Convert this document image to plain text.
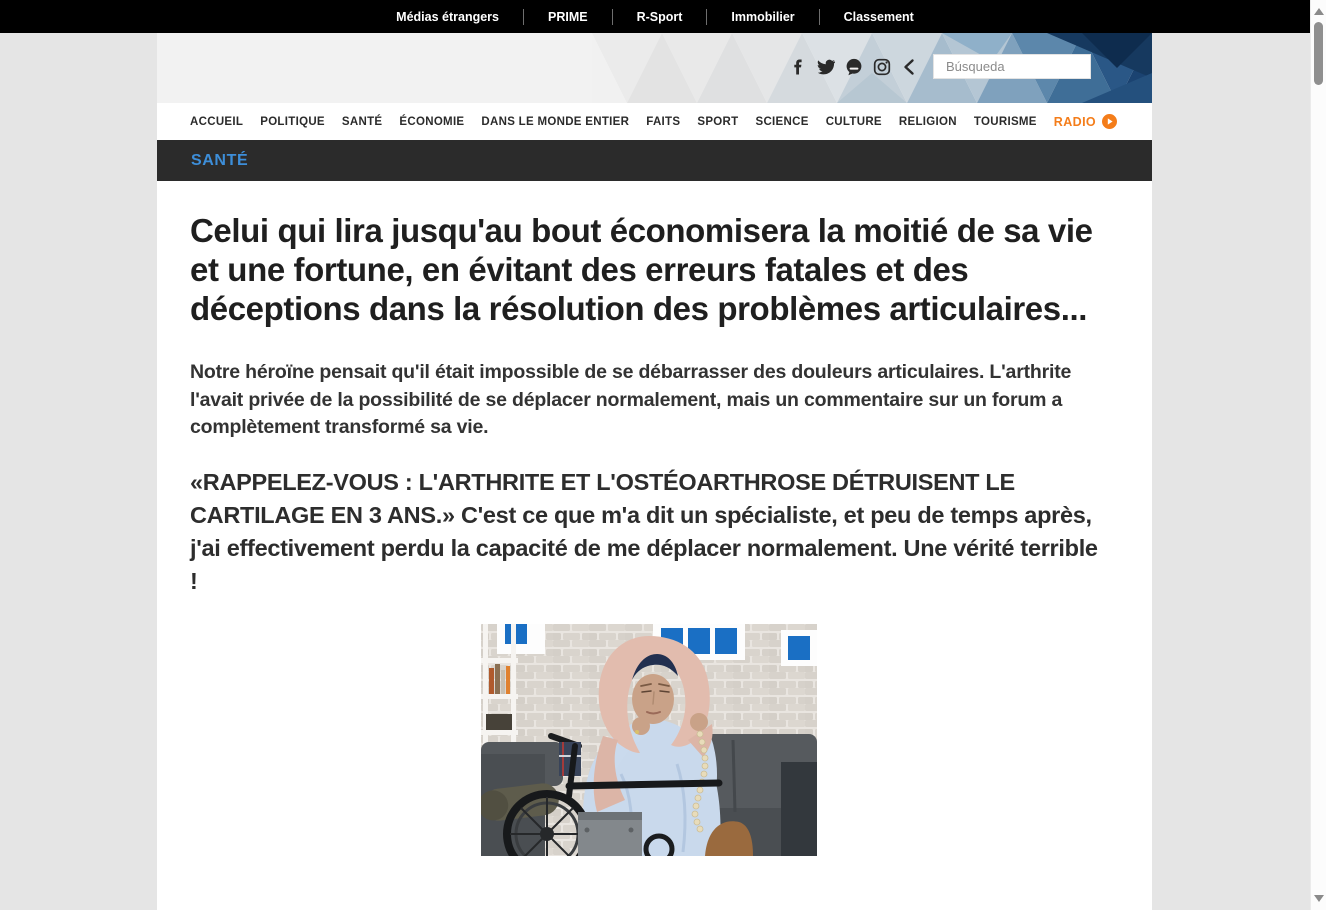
Médias étrangers	PRIME	R-Sport	Immobilier	Classement
Búsqueda
ACCUEIL POLITIQUE SANTÉ ÉCONOMIE DANS LE MONDE ENTIER FAITS SPORT SCIENCE CULTURE RELIGION TOURISME RADIO
SANTÉ
Celui qui lira jusqu'au bout économisera la moitié de sa vie et une fortune, en évitant des erreurs fatales et des déceptions dans la résolution des problèmes articulaires...

Notre héroïne pensait qu'il était impossible de se débarrasser des douleurs articulaires. L'arthrite l'avait privée de la possibilité de se déplacer normalement, mais un commentaire sur un forum a complètement transformé sa vie.

«RAPPELEZ-VOUS : L'ARTHRITE ET L'OSTÉOARTHROSE DÉTRUISENT LE CARTILAGE EN 3 ANS.» C'est ce que m'a dit un spécialiste, et peu de temps après, j'ai effectivement perdu la capacité de me déplacer normalement. Une vérité terrible !
